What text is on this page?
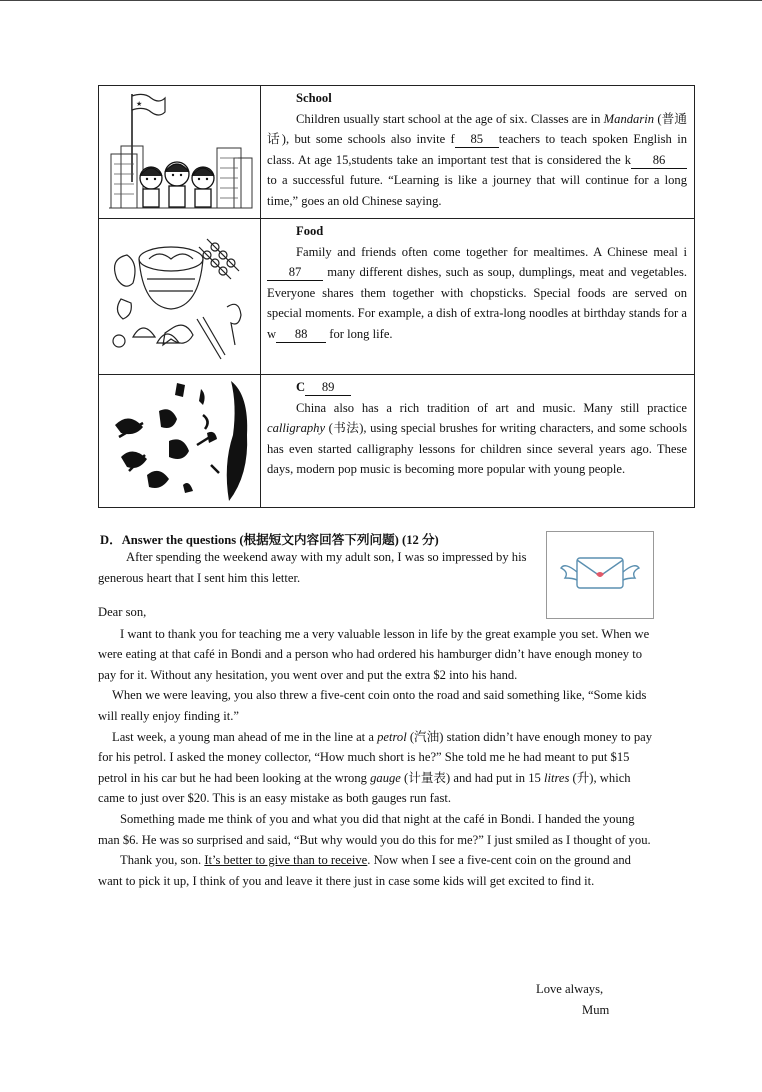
★	School
Children usually start school at the age of six. Classes are in Mandarin (普通话), but some schools also invite f 85 teachers to teach spoken English in class. At age 15,students take an important test that is considered the k 86to a successful future. “Learning is like a journey that will continue for a long time,” goes an old Chinese saying.

Food
Family and friends often come together for mealtimes. A Chinese meal i87 many different dishes, such as soup, dumplings, meat and vegetables. Everyone shares them together with chopsticks. Special foods are served on special moments. For example, a dish of extra-long noodles at birthday stands for a w 88 for long life.

C 89
China also has a rich tradition of art and music. Many still practice calligraphy (书法), using special brushes for writing characters, and some schools has even started calligraphy lessons for children since several years ago. These days, modern pop music is becoming more popular with young people.
D．Answer the questions (根据短文内容回答下列问题) (12 分)
After spending the weekend away with my adult son, I was so impressed by his generous heart that I sent him this letter.

Dear son,

I want to thank you for teaching me a very valuable lesson in life by the great example you set. When we were eating at that café in Bondi and a person who had ordered his hamburger didn’t have enough money to pay for it. Without any hesitation, you went over and put the extra $2 into his hand.

When we were leaving, you also threw a five-cent coin onto the road and said something like, “Some kids will really enjoy finding it.”

Last week, a young man ahead of me in the line at a petrol (汽油) station didn’t have enough money to pay for his petrol. I asked the money collector, “How much short is he?” She told me he had meant to put $15 petrol in his car but he had been looking at the wrong gauge (计量表) and had put in 15 litres (升), which came to just over $20. This is an easy mistake as both gauges run fast.

Something made me think of you and what you did that night at the café in Bondi. I handed the young man $6. He was so surprised and said, “But why would you do this for me?” I just smiled as I thought of you.

Thank you, son. It’s better to give than to receive. Now when I see a five-cent coin on the ground and want to pick it up, I think of you and leave it there just in case some kids will get excited to find it.

Love always,
Mum
